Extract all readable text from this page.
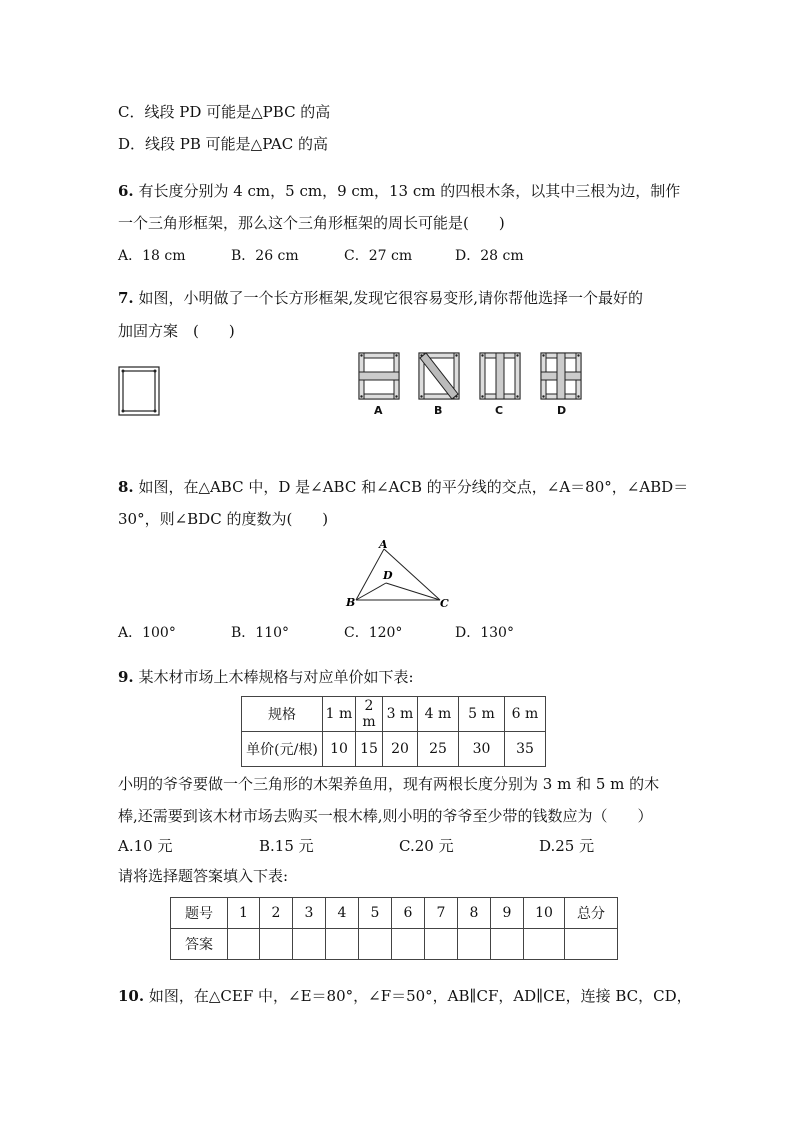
C．线段 PD 可能是△PBC 的高
D．线段 PB 可能是△PAC 的高
6. 有长度分别为 4 cm，5 cm，9 cm，13 cm 的四根木条，以其中三根为边，制作
一个三角形框架，那么这个三角形框架的周长可能是(　　)
A．18 cm	B．26 cm	C．27 cm	D．28 cm
7. 如图，小明做了一个长方形框架,发现它很容易变形,请你帮他选择一个最好的
加固方案　(　　)
A	B	C	D
8. 如图，在△ABC 中，D 是∠ABC 和∠ACB 的平分线的交点，∠A＝80°，∠ABD＝
30°，则∠BDC 的度数为(　　)
A
D
B	C
A．100°	B．110°	C．120°	D．130°
9. 某木材市场上木棒规格与对应单价如下表:
规格	1 m	2 m	3 m	4 m	5 m	6 m
单价(元/根)	10	15	20	25	30	35
小明的爷爷要做一个三角形的木架养鱼用，现有两根长度分别为 3 m 和 5 m 的木
棒,还需要到该木材市场去购买一根木棒,则小明的爷爷至少带的钱数应为（　　）
A.10 元	B.15 元	C.20 元	D.25 元
请将选择题答案填入下表:
题号	1	2	3	4	5	6	7	8	9	10	总分
答案											
10. 如图，在△CEF 中，∠E＝80°，∠F＝50°，AB∥CF，AD∥CE，连接 BC，CD，
